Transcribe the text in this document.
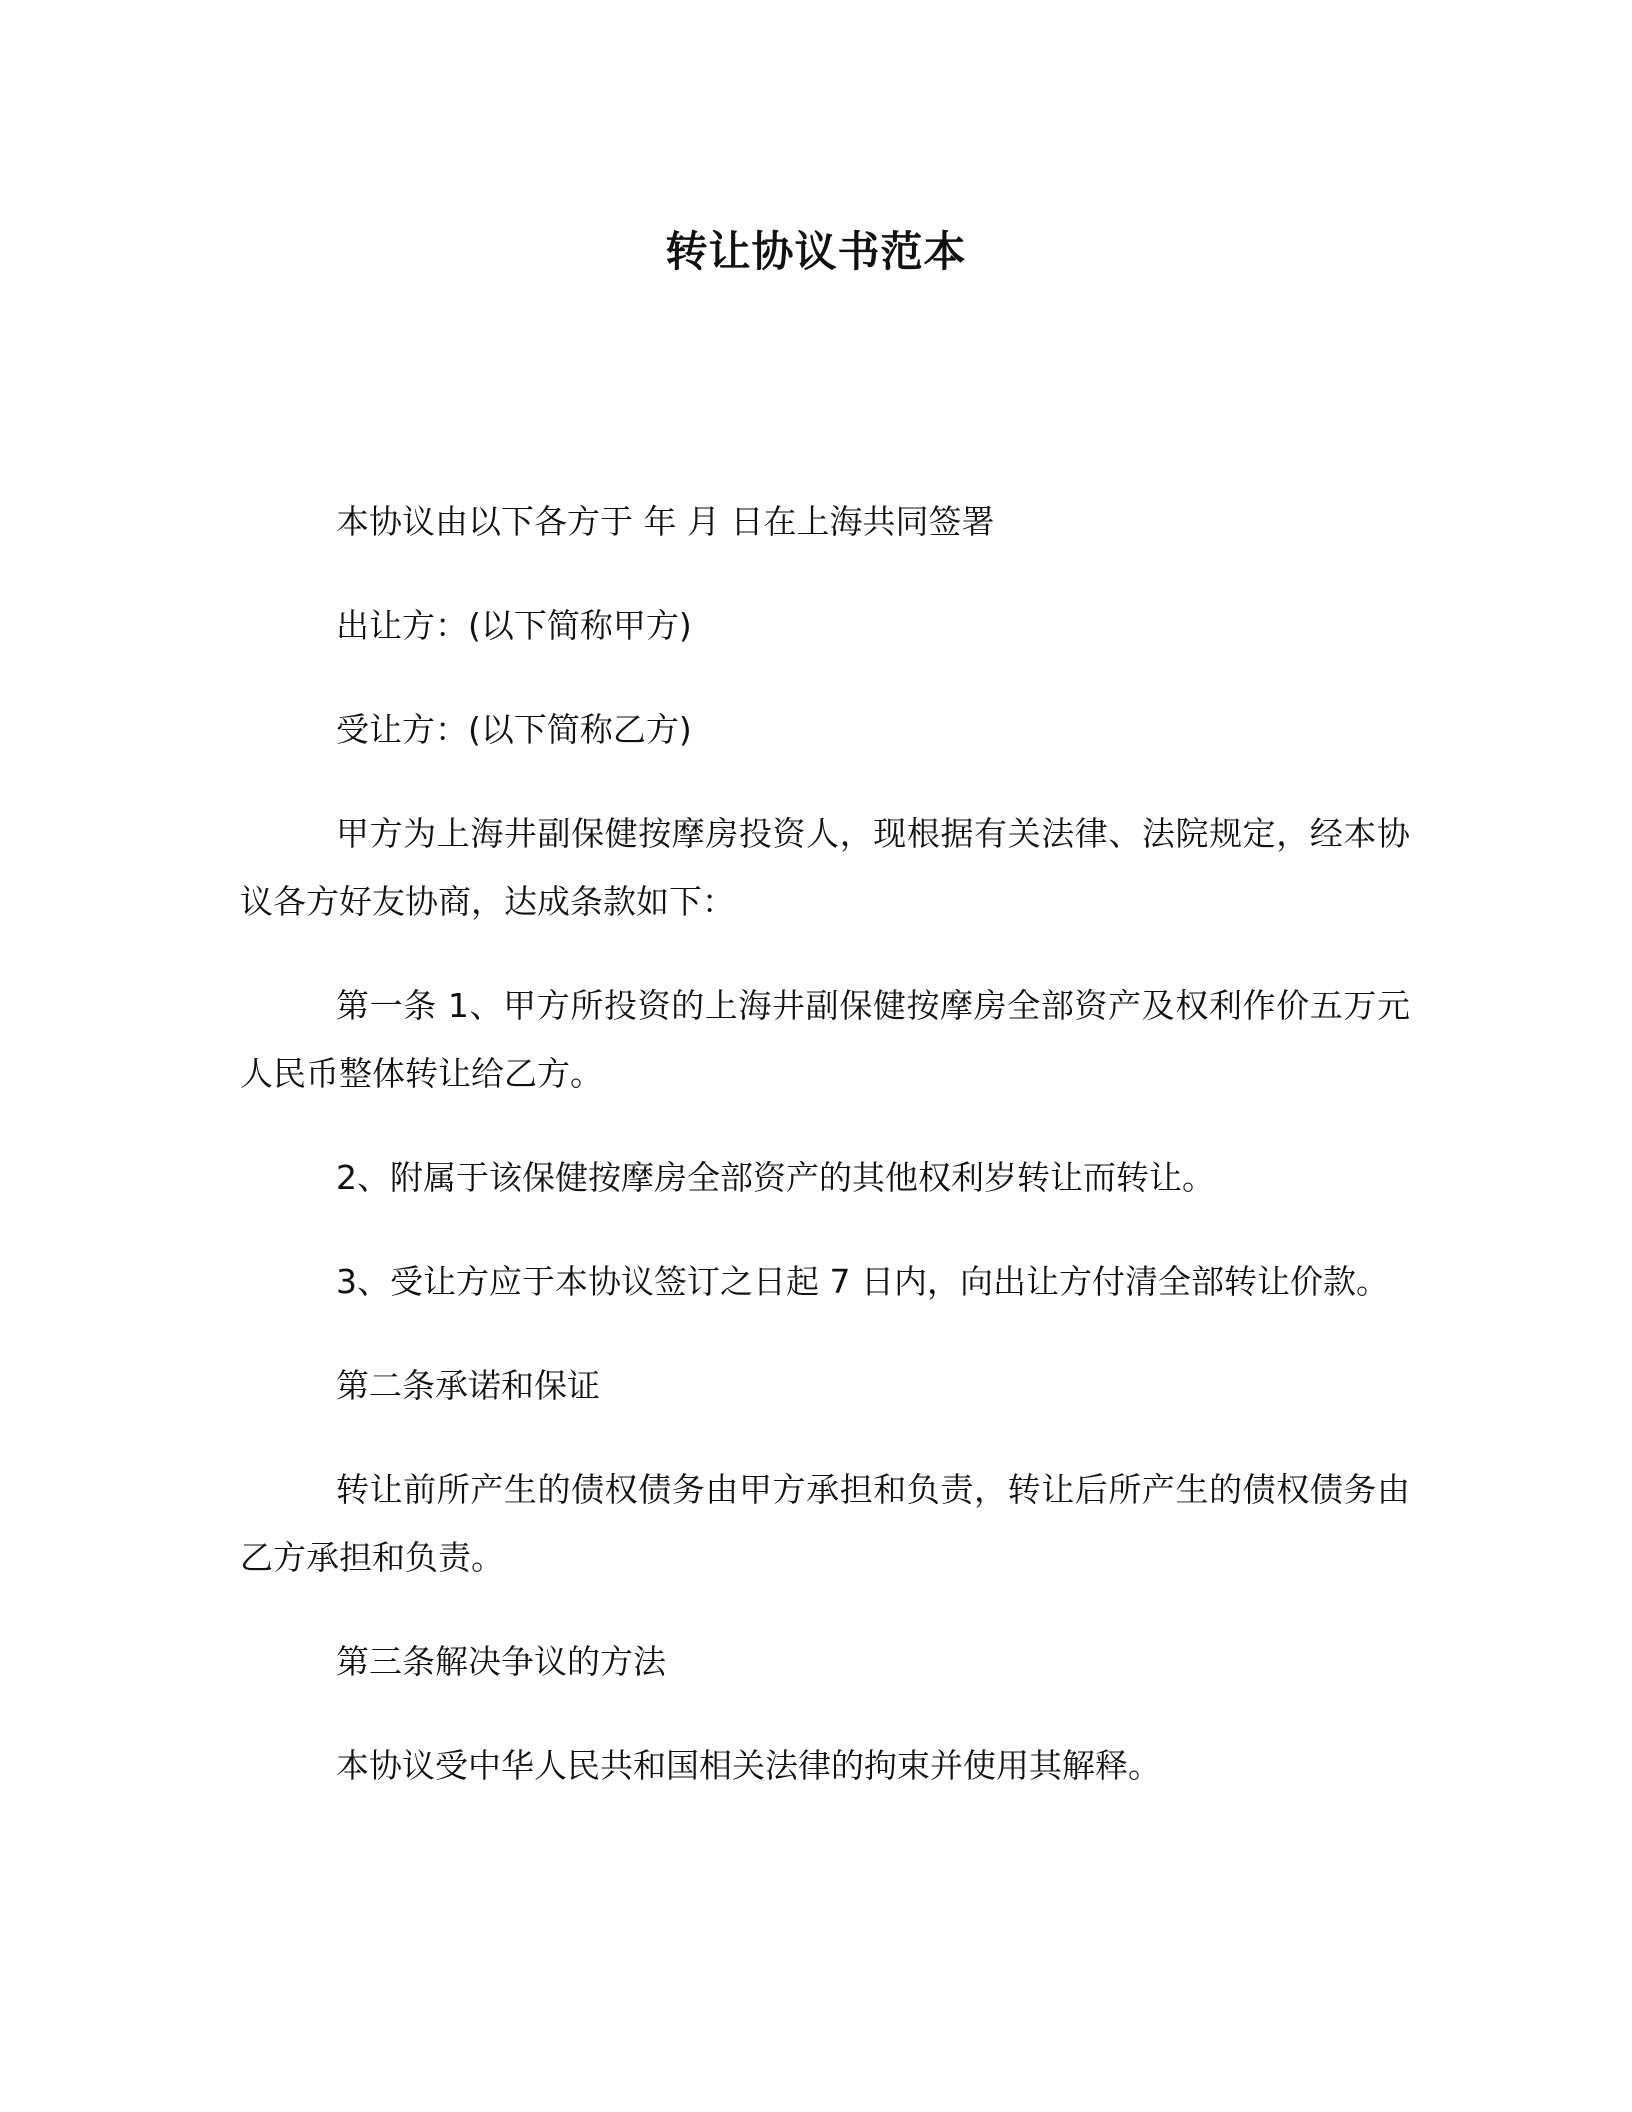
转让协议书范本

本协议由以下各方于 年 月 日在上海共同签署

出让方：(以下简称甲方)

受让方：(以下简称乙方)

甲方为上海井副保健按摩房投资人，现根据有关法律、法院规定，经本协议各方好友协商，达成条款如下：

第一条 1、甲方所投资的上海井副保健按摩房全部资产及权利作价五万元人民币整体转让给乙方。

2、附属于该保健按摩房全部资产的其他权利岁转让而转让。

3、受让方应于本协议签订之日起 7 日内，向出让方付清全部转让价款。

第二条承诺和保证

转让前所产生的债权债务由甲方承担和负责，转让后所产生的债权债务由乙方承担和负责。

第三条解决争议的方法

本协议受中华人民共和国相关法律的拘束并使用其解释。
